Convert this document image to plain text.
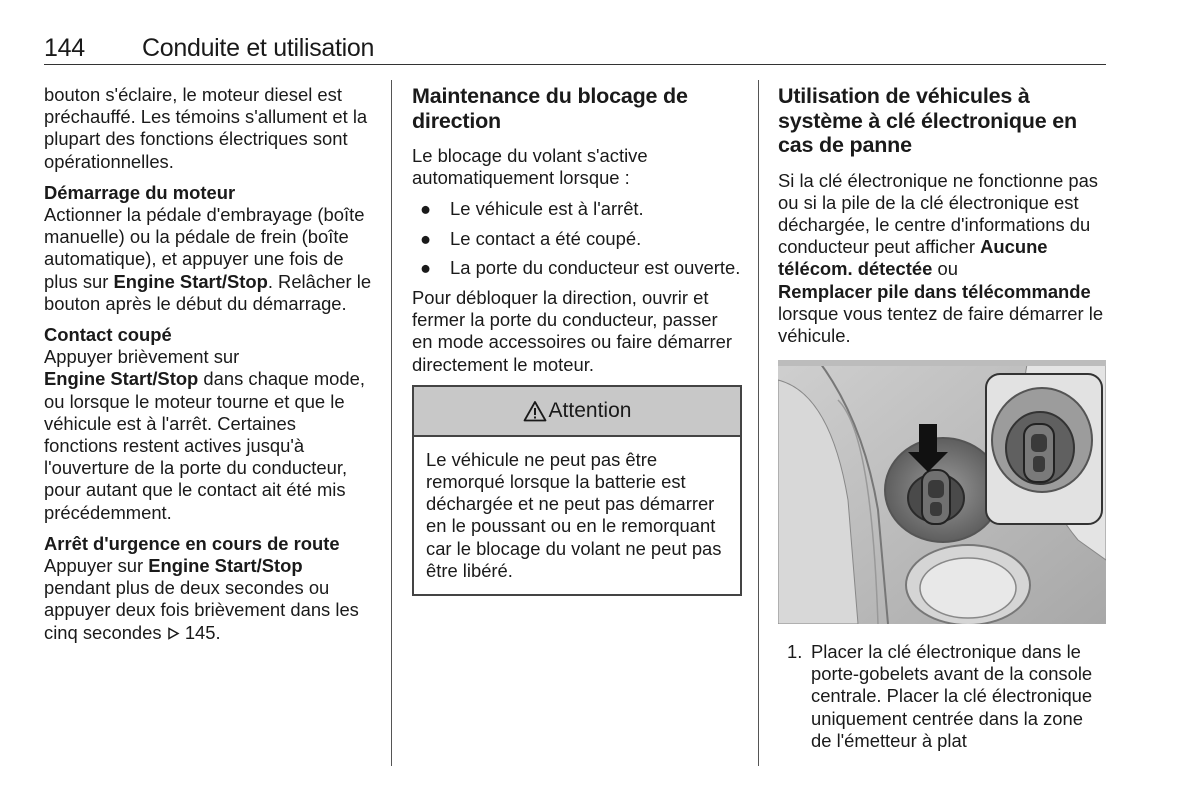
144 Conduite et utilisation

bouton s'éclaire, le moteur diesel est préchauffé. Les témoins s'allument et la plupart des fonctions électriques sont opérationnelles.

Démarrage du moteur
Actionner la pédale d'embrayage (boîte manuelle) ou la pédale de frein (boîte automatique), et appuyer une fois de plus sur Engine Start/Stop. Relâcher le bouton après le début du démarrage.
Contact coupé
Appuyer brièvement sur
Engine Start/Stop dans chaque mode, ou lorsque le moteur tourne et que le véhicule est à l'arrêt. Certaines fonctions restent actives jusqu'à l'ouverture de la porte du conducteur, pour autant que le contact ait été mis précédemment.
Arrêt d'urgence en cours de route
Appuyer sur Engine Start/Stop pendant plus de deux secondes ou appuyer deux fois brièvement dans les cinq secondes  145.
Maintenance du blocage de direction

Le blocage du volant s'active automatiquement lorsque :

● Le véhicule est à l'arrêt.
● Le contact a été coupé.
● La porte du conducteur est ouverte.

Pour débloquer la direction, ouvrir et fermer la porte du conducteur, passer en mode accessoires ou faire démarrer directement le moteur.

Attention
Le véhicule ne peut pas être remorqué lorsque la batterie est déchargée et ne peut pas démarrer en le poussant ou en le remorquant car le blocage du volant ne peut pas être libéré.
Utilisation de véhicules à système à clé électronique en cas de panne

Si la clé électronique ne fonctionne pas ou si la pile de la clé électronique est déchargée, le centre d'informations du conducteur peut afficher Aucune télécom. détectée ou
Remplacer pile dans télécommande lorsque vous tentez de faire démarrer le véhicule.

1. Placer la clé électronique dans le porte-gobelets avant de la console centrale. Placer la clé électronique uniquement centrée dans la zone de l'émetteur à plat
